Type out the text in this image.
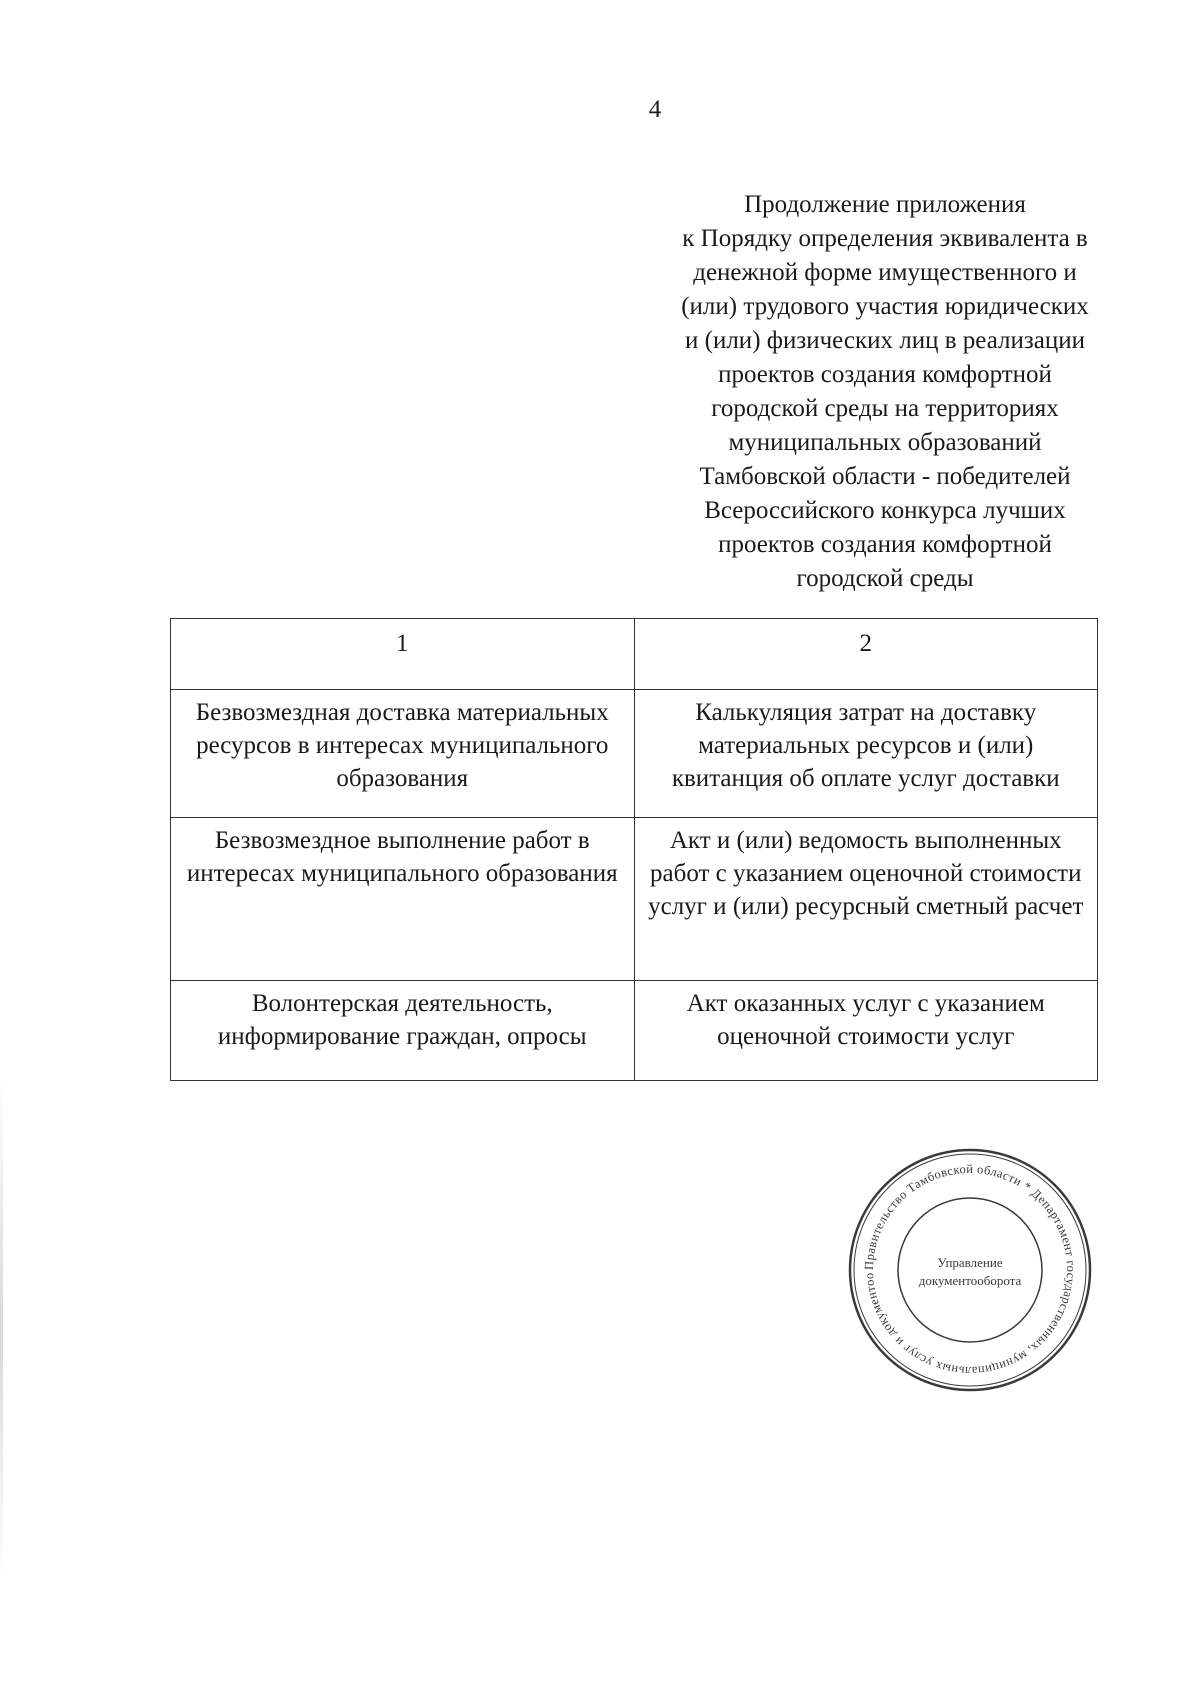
4
Продолжение приложения
к Порядку определения эквивалента в
денежной форме имущественного и
(или) трудового участия юридических
и (или) физических лиц в реализации
проектов создания комфортной
городской среды на территориях
муниципальных образований
Тамбовской области - победителей
Всероссийского конкурса лучших
проектов создания комфортной
городской среды
1	2
Безвозмездная доставка материальных ресурсов в интересах муниципального образования	Калькуляция затрат на доставку материальных ресурсов и (или) квитанция об оплате услуг доставки
Безвозмездное выполнение работ в интересах муниципального образования	Акт и (или) ведомость выполненных работ с указанием оценочной стоимости услуг и (или) ресурсный сметный расчет
Волонтерская деятельность, информирование граждан, опросы	Акт оказанных услуг с указанием оценочной стоимости услуг
Правительство Тамбовской области * Департамент государственных, муниципальных услуг и документоо
Управление
документооборота
